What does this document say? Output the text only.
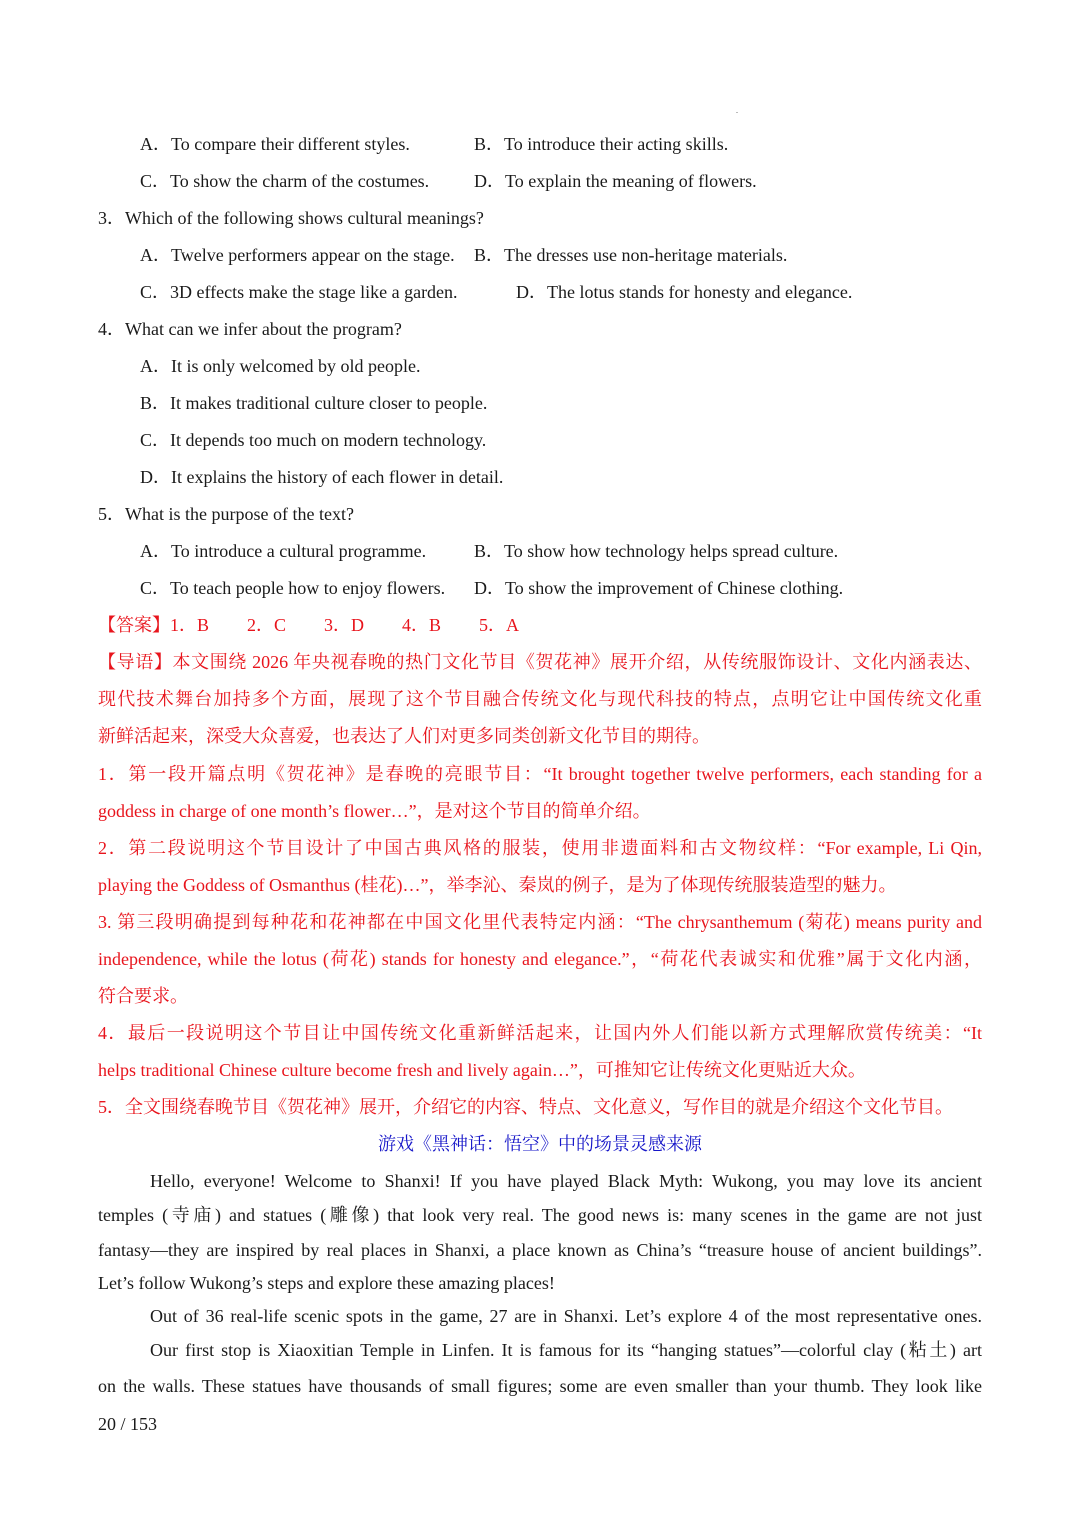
A．To compare their different styles.	B．To introduce their acting skills.
C．To show the charm of the costumes. D．To explain the meaning of flowers.
3．Which of the following shows cultural meanings?
A．Twelve performers appear on the stage. B．The dresses use non-heritage materials.
C．3D effects make the stage like a garden.	D．The lotus stands for honesty and elegance.
4．What can we infer about the program?
A．It is only welcomed by old people.
B．It makes traditional culture closer to people.
C．It depends too much on modern technology.
D．It explains the history of each flower in detail.
5．What is the purpose of the text?
A．To introduce a cultural programme.	B．To show how technology helps spread culture.
C．To teach people how to enjoy flowers. D．To show the improvement of Chinese clothing.
【答案】1．B 2．C 3．D 4．B 5．A
【导语】本文围绕 2026 年央视春晚的热门文化节目《贺花神》展开介绍，从传统服饰设计、文化内涵表达、
现代技术舞台加持多个方面，展现了这个节目融合传统文化与现代科技的特点，点明它让中国传统文化重
新鲜活起来，深受大众喜爱，也表达了人们对更多同类创新文化节目的期待。
1．第一段开篇点明《贺花神》是春晚的亮眼节目：“It brought together twelve performers, each standing for a
goddess in charge of one month’s flower…”，是对这个节目的简单介绍。
2．第二段说明这个节目设计了中国古典风格的服装，使用非遗面料和古文物纹样：“For example, Li Qin,
playing the Goddess of Osmanthus (桂花)…”，举李沁、秦岚的例子，是为了体现传统服装造型的魅力。
3. 第三段明确提到每种花和花神都在中国文化里代表特定内涵：“The chrysanthemum (菊花) means purity and
independence, while the lotus (荷花) stands for honesty and elegance.”，“荷花代表诚实和优雅”属于文化内涵，
符合要求。
4．最后一段说明这个节目让中国传统文化重新鲜活起来，让国内外人们能以新方式理解欣赏传统美：“It
helps traditional Chinese culture become fresh and lively again…”，可推知它让传统文化更贴近大众。
5．全文围绕春晚节目《贺花神》展开，介绍它的内容、特点、文化意义，写作目的就是介绍这个文化节目。
游戏《黑神话：悟空》中的场景灵感来源
Hello, everyone! Welcome to Shanxi! If you have played Black Myth: Wukong, you may love its ancient
temples (寺庙) and statues (雕像) that look very real. The good news is: many scenes in the game are not just
fantasy—they are inspired by real places in Shanxi, a place known as China’s “treasure house of ancient buildings”.
Let’s follow Wukong’s steps and explore these amazing places!
Out of 36 real-life scenic spots in the game, 27 are in Shanxi. Let’s explore 4 of the most representative ones.
Our first stop is Xiaoxitian Temple in Linfen. It is famous for its “hanging statues”—colorful clay (粘土) art
on the walls. These statues have thousands of small figures; some are even smaller than your thumb. They look like
20 / 153
